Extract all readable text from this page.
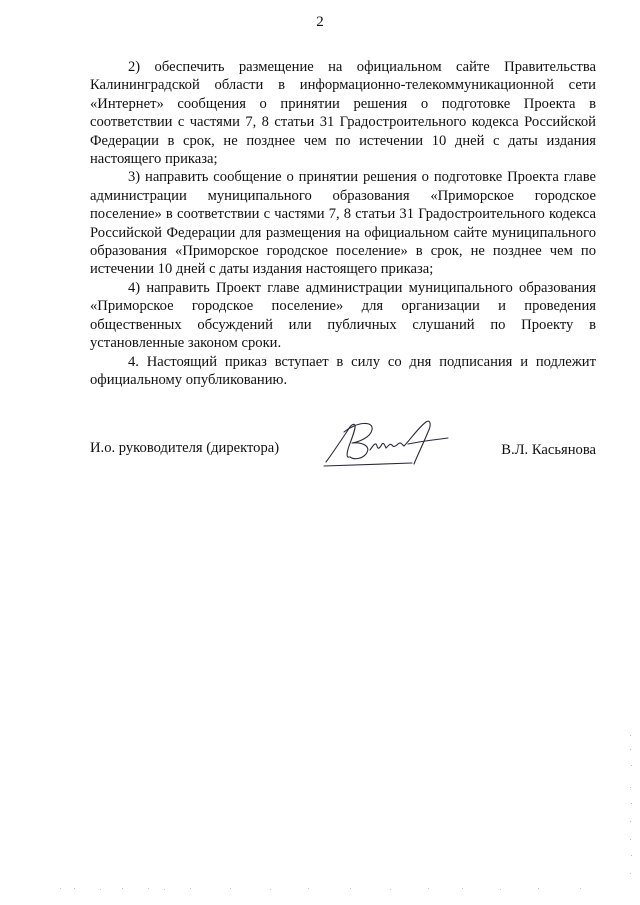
2

2) обеспечить размещение на официальном сайте Правительства Калининградской области в информационно-телекоммуникационной сети «Интернет» сообщения о принятии решения о подготовке Проекта в соответствии с частями 7, 8 статьи 31 Градостроительного кодекса Российской Федерации в срок, не позднее чем по истечении 10 дней с даты издания настоящего приказа;

3) направить сообщение о принятии решения о подготовке Проекта главе администрации муниципального образования «Приморское городское поселение» в соответствии с частями 7, 8 статьи 31 Градостроительного кодекса Российской Федерации для размещения на официальном сайте муниципального образования «Приморское городское поселение» в срок, не позднее чем по истечении 10 дней с даты издания настоящего приказа;

4) направить Проект главе администрации муниципального образования «Приморское городское поселение» для организации и проведения общественных обсуждений или публичных слушаний по Проекту в установленные законом сроки.

4. Настоящий приказ вступает в силу со дня подписания и подлежит официальному опубликованию.

И.о. руководителя (директора)	В.Л. Касьянова
